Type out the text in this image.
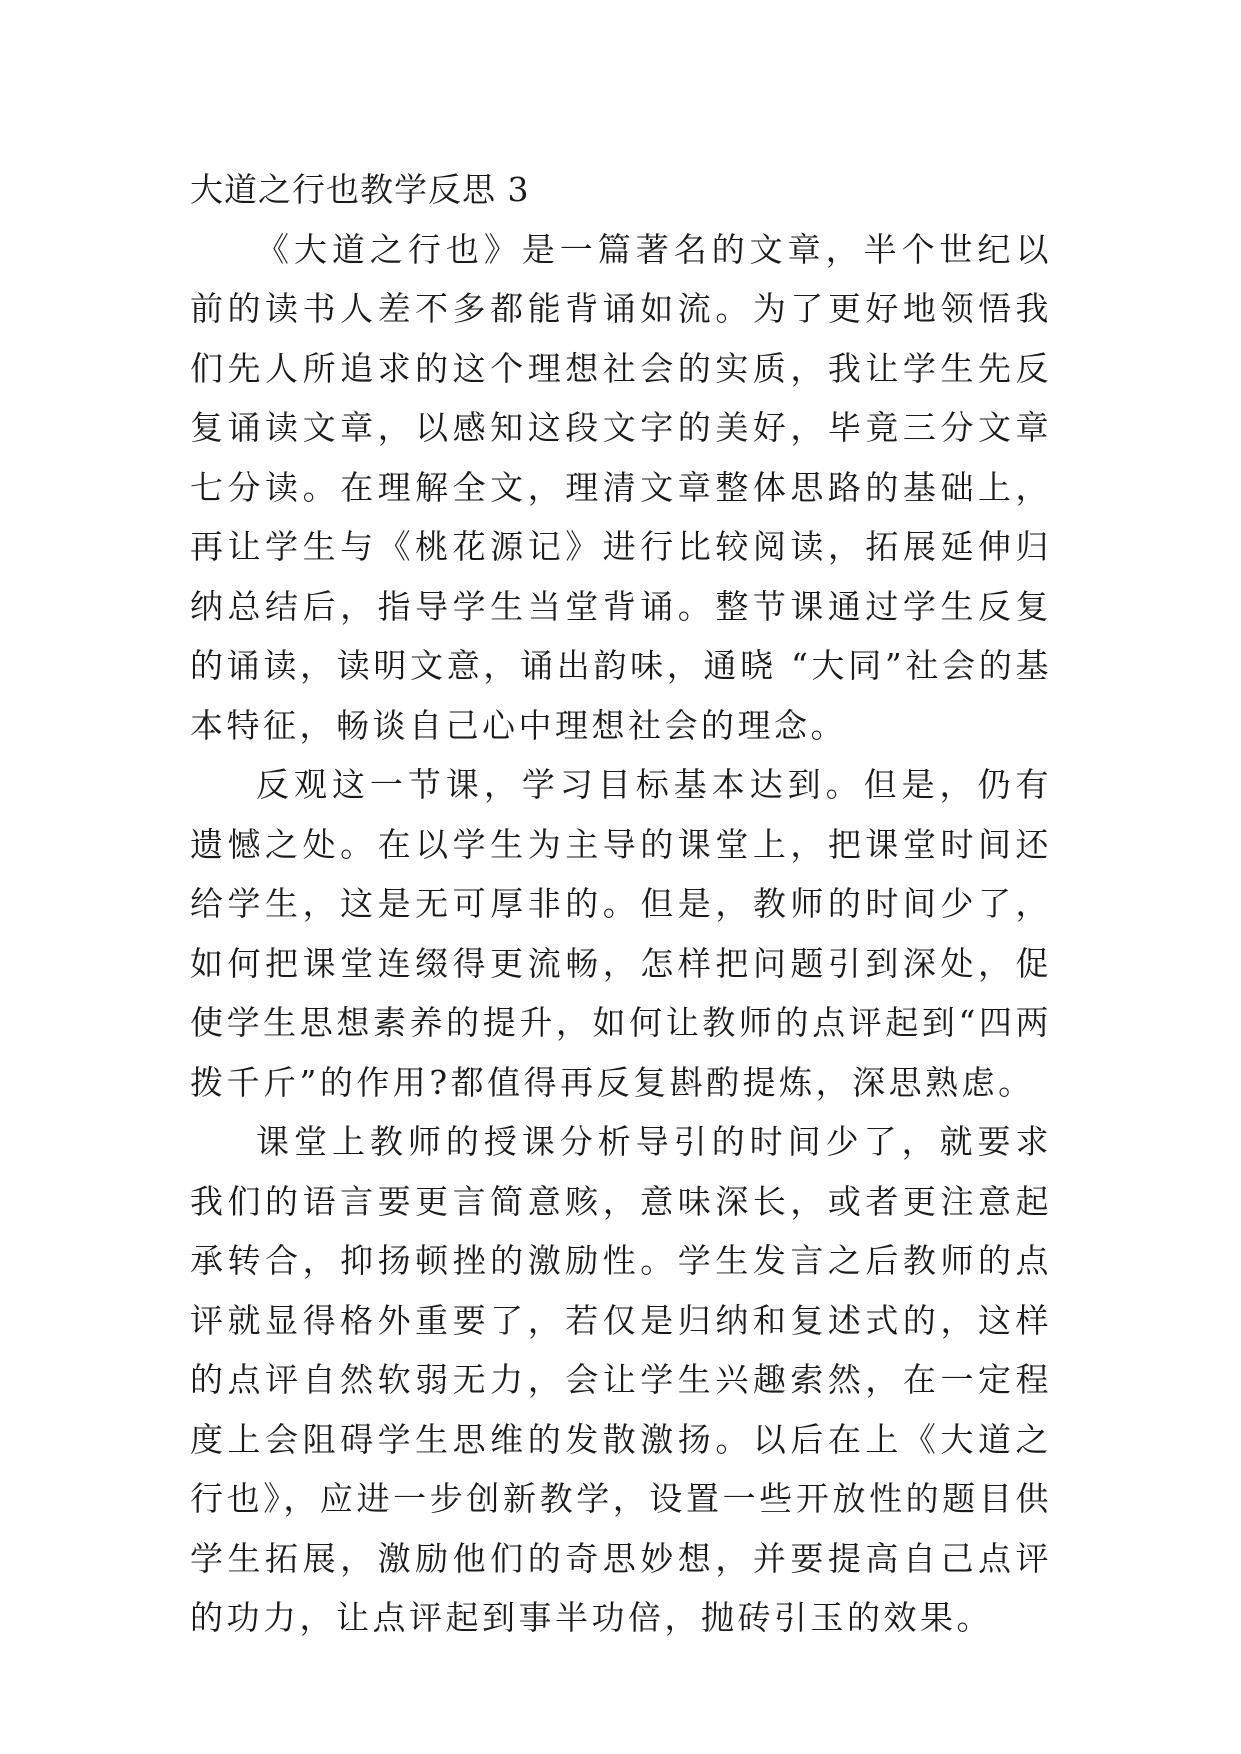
大道之行也教学反思 3

《大道之行也》是一篇著名的文章，半个世纪以前的读书人差不多都能背诵如流。为了更好地领悟我们先人所追求的这个理想社会的实质，我让学生先反复诵读文章，以感知这段文字的美好，毕竟三分文章七分读。在理解全文，理清文章整体思路的基础上，再让学生与《桃花源记》进行比较阅读，拓展延伸归纳总结后，指导学生当堂背诵。整节课通过学生反复的诵读，读明文意，诵出韵味，通晓 “大同”社会的基本特征，畅谈自己心中理想社会的理念。

反观这一节课，学习目标基本达到。但是，仍有遗憾之处。在以学生为主导的课堂上，把课堂时间还给学生，这是无可厚非的。但是，教师的时间少了，如何把课堂连缀得更流畅，怎样把问题引到深处，促使学生思想素养的提升，如何让教师的点评起到“四两拨千斤”的作用?都值得再反复斟酌提炼，深思熟虑。

课堂上教师的授课分析导引的时间少了，就要求我们的语言要更言简意赅，意味深长，或者更注意起承转合，抑扬顿挫的激励性。学生发言之后教师的点评就显得格外重要了，若仅是归纳和复述式的，这样的点评自然软弱无力，会让学生兴趣索然，在一定程度上会阻碍学生思维的发散激扬。以后在上《大道之行也》，应进一步创新教学，设置一些开放性的题目供学生拓展，激励他们的奇思妙想，并要提高自己点评的功力，让点评起到事半功倍，抛砖引玉的效果。
